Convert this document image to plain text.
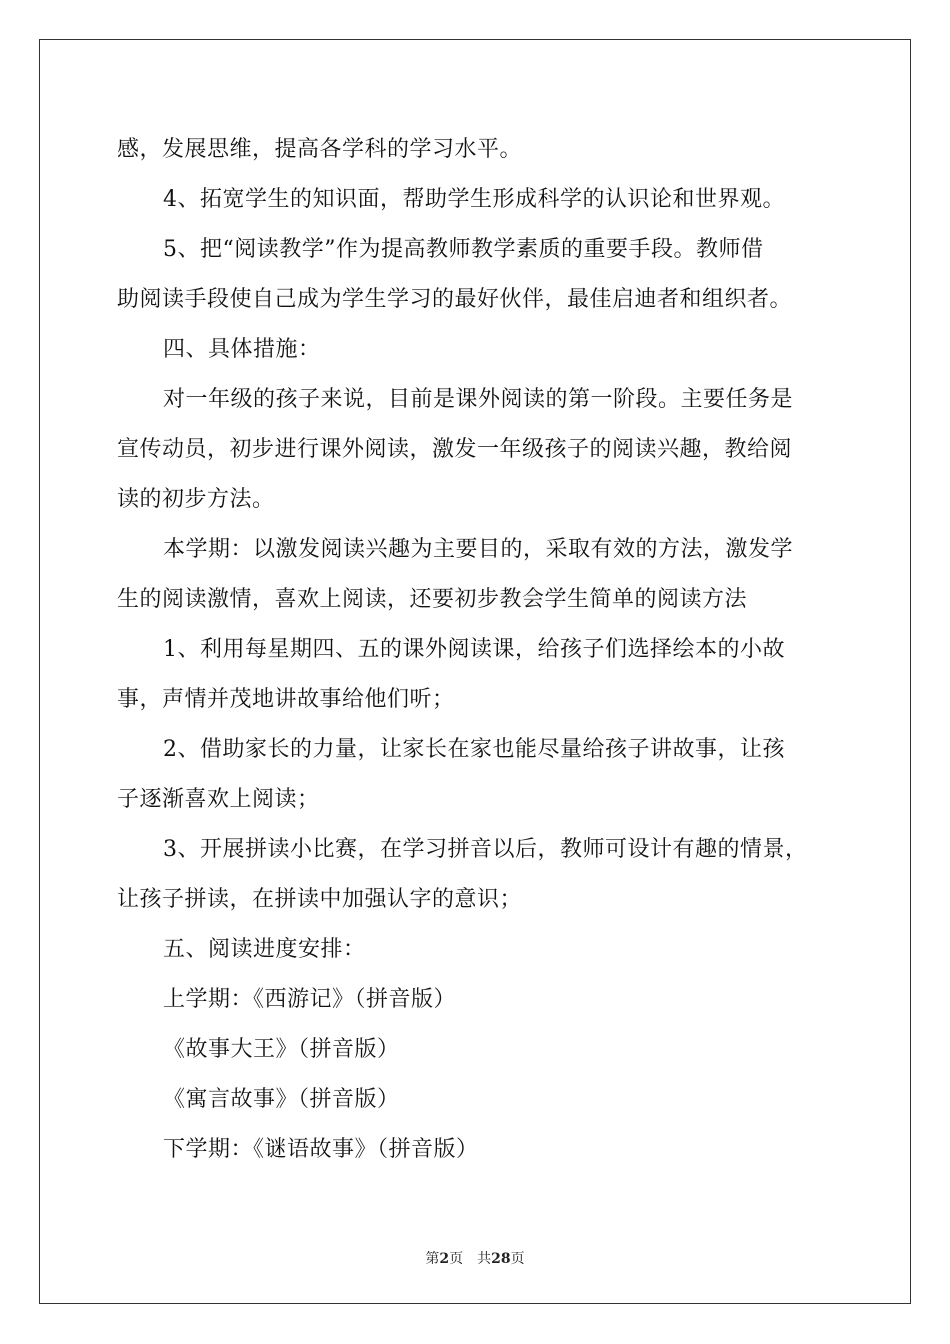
感，发展思维，提高各学科的学习水平。
4、拓宽学生的知识面，帮助学生形成科学的认识论和世界观。
5、把“阅读教学”作为提高教师教学素质的重要手段。教师借
助阅读手段使自己成为学生学习的最好伙伴，最佳启迪者和组织者。
四、具体措施：
对一年级的孩子来说，目前是课外阅读的第一阶段。主要任务是
宣传动员，初步进行课外阅读，激发一年级孩子的阅读兴趣，教给阅
读的初步方法。
本学期：以激发阅读兴趣为主要目的，采取有效的方法，激发学
生的阅读激情，喜欢上阅读，还要初步教会学生简单的阅读方法
1、利用每星期四、五的课外阅读课，给孩子们选择绘本的小故
事，声情并茂地讲故事给他们听；
2、借助家长的力量，让家长在家也能尽量给孩子讲故事，让孩
子逐渐喜欢上阅读；
3、开展拼读小比赛，在学习拼音以后，教师可设计有趣的情景，
让孩子拼读，在拼读中加强认字的意识；
五、阅读进度安排：
上学期：《西游记》（拼音版）
《故事大王》（拼音版）
《寓言故事》（拼音版）
下学期：《谜语故事》（拼音版）
第2页 共28页
